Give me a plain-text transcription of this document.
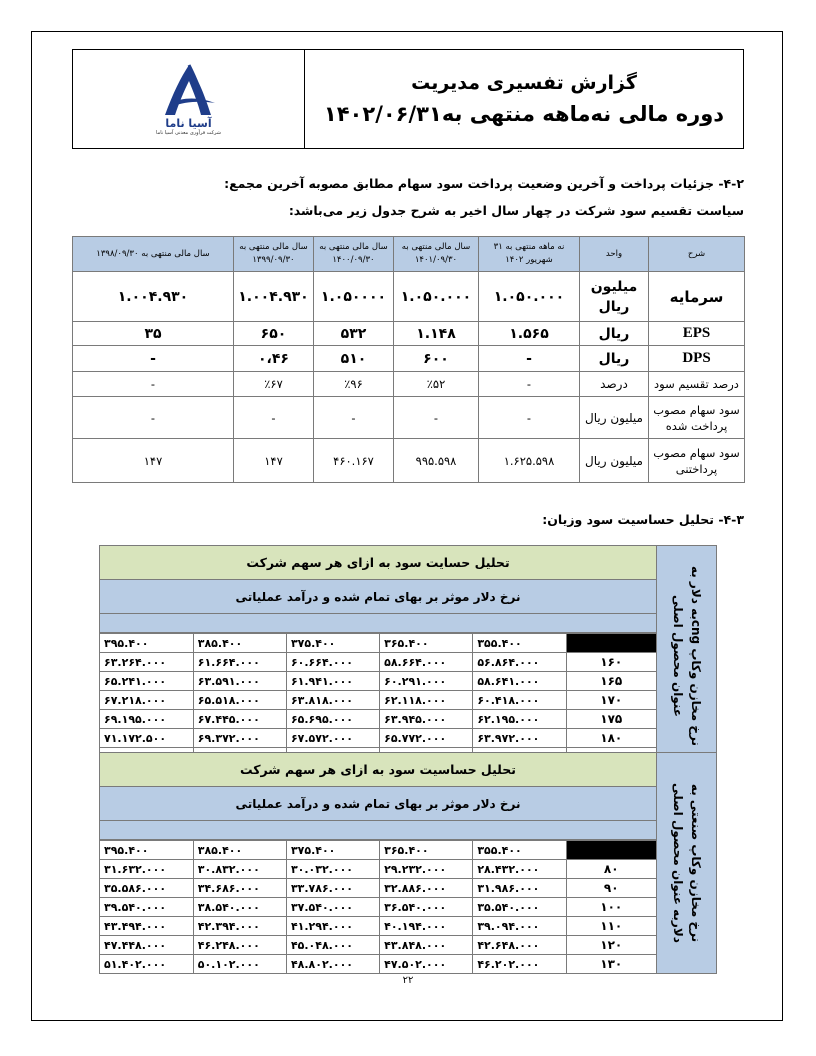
گزارش تفسیری مدیریت
دوره مالی نه‌ماهه منتهی به۱۴۰۲/۰۶/۳۱
آسیا ناما
شرکت فرآوری معدنی آسیا ناما
۴-۲- جزئیات پرداخت و آخرین وضعیت پرداخت سود سهام مطابق مصوبه آخرین مجمع:
سیاست تقسیم سود شرکت در چهار سال اخیر به شرح جدول زیر می‌باشد:
شرح	واحد	نه ماهه منتهی به ۳۱ شهریور ۱۴۰۲	سال مالی منتهی به ۱۴۰۱/۰۹/۳۰	سال مالی منتهی به ۱۴۰۰/۰۹/۳۰	سال مالی منتهی به ۱۳۹۹/۰۹/۳۰	سال مالی منتهی به ۱۳۹۸/۰۹/۳۰
سرمایه	میلیون ریال	۱.۰۵۰.۰۰۰	۱.۰۵۰.۰۰۰	۱.۰۵۰۰۰۰	۱.۰۰۴.۹۳۰	۱.۰۰۴.۹۳۰
EPS	ریال	۱.۵۶۵	۱.۱۴۸	۵۳۲	۶۵۰	۳۵
DPS	ریال	-	۶۰۰	۵۱۰	۰،۴۶	-
درصد تقسیم سود	درصد	-	٪۵۲	٪۹۶	٪۶۷	-
سود سهام مصوب پرداخت شده	میلیون ریال	-	-	-	-	-
سود سهام مصوب پرداختنی	میلیون ریال	۱.۶۲۵.۵۹۸	۹۹۵.۵۹۸	۴۶۰.۱۶۷	۱۴۷	۱۴۷
۴-۳- تحلیل حساسیت سود وزیان:
نرخ مخازن وکاپ cngبه دلار به عنوان محصول اصلی
تحلیل حسایت سود به ازای هر سهم شرکت
نرخ دلار موثر بر بهای تمام شده و درآمد عملیاتی
	۳۵۵.۴۰۰	۳۶۵.۴۰۰	۳۷۵.۴۰۰	۳۸۵.۴۰۰	۳۹۵.۴۰۰
۱۶۰	۵۶.۸۶۴.۰۰۰	۵۸.۶۶۴.۰۰۰	۶۰.۶۶۴.۰۰۰	۶۱.۶۶۴.۰۰۰	۶۳.۲۶۴.۰۰۰
۱۶۵	۵۸.۶۴۱.۰۰۰	۶۰.۲۹۱.۰۰۰	۶۱.۹۴۱.۰۰۰	۶۳.۵۹۱.۰۰۰	۶۵.۲۴۱.۰۰۰
۱۷۰	۶۰.۴۱۸.۰۰۰	۶۲.۱۱۸.۰۰۰	۶۳.۸۱۸.۰۰۰	۶۵.۵۱۸.۰۰۰	۶۷.۲۱۸.۰۰۰
۱۷۵	۶۲.۱۹۵.۰۰۰	۶۳.۹۴۵.۰۰۰	۶۵.۶۹۵.۰۰۰	۶۷.۴۴۵.۰۰۰	۶۹.۱۹۵.۰۰۰
۱۸۰	۶۳.۹۷۲.۰۰۰	۶۵.۷۷۲.۰۰۰	۶۷.۵۷۲.۰۰۰	۶۹.۳۷۲.۰۰۰	۷۱.۱۷۲.۵۰۰

نرخ مخازن وکاپ صنعتی به دلاربه عنوان محصول اصلی
تحلیل حساسیت سود به ازای هر سهم شرکت
نرخ دلار موثر بر بهای تمام شده و درآمد عملیاتی
	۳۵۵.۴۰۰	۳۶۵.۴۰۰	۳۷۵.۴۰۰	۳۸۵.۴۰۰	۳۹۵.۴۰۰
۸۰	۲۸.۴۳۲.۰۰۰	۲۹.۲۳۲.۰۰۰	۳۰.۰۳۲.۰۰۰	۳۰.۸۳۲.۰۰۰	۳۱.۶۳۲.۰۰۰
۹۰	۳۱.۹۸۶.۰۰۰	۳۲.۸۸۶.۰۰۰	۳۳.۷۸۶.۰۰۰	۳۴.۶۸۶.۰۰۰	۳۵.۵۸۶.۰۰۰
۱۰۰	۳۵.۵۴۰.۰۰۰	۳۶.۵۴۰.۰۰۰	۳۷.۵۴۰.۰۰۰	۳۸.۵۴۰.۰۰۰	۳۹.۵۴۰.۰۰۰
۱۱۰	۳۹.۰۹۴.۰۰۰	۴۰.۱۹۴.۰۰۰	۴۱.۲۹۴.۰۰۰	۴۲.۳۹۴.۰۰۰	۴۳.۴۹۴.۰۰۰
۱۲۰	۴۲.۶۴۸.۰۰۰	۴۳.۸۴۸.۰۰۰	۴۵.۰۴۸.۰۰۰	۴۶.۲۴۸.۰۰۰	۴۷.۴۴۸.۰۰۰
۱۳۰	۴۶.۲۰۲.۰۰۰	۴۷.۵۰۲.۰۰۰	۴۸.۸۰۲.۰۰۰	۵۰.۱۰۲.۰۰۰	۵۱.۴۰۲.۰۰۰
۲۲
